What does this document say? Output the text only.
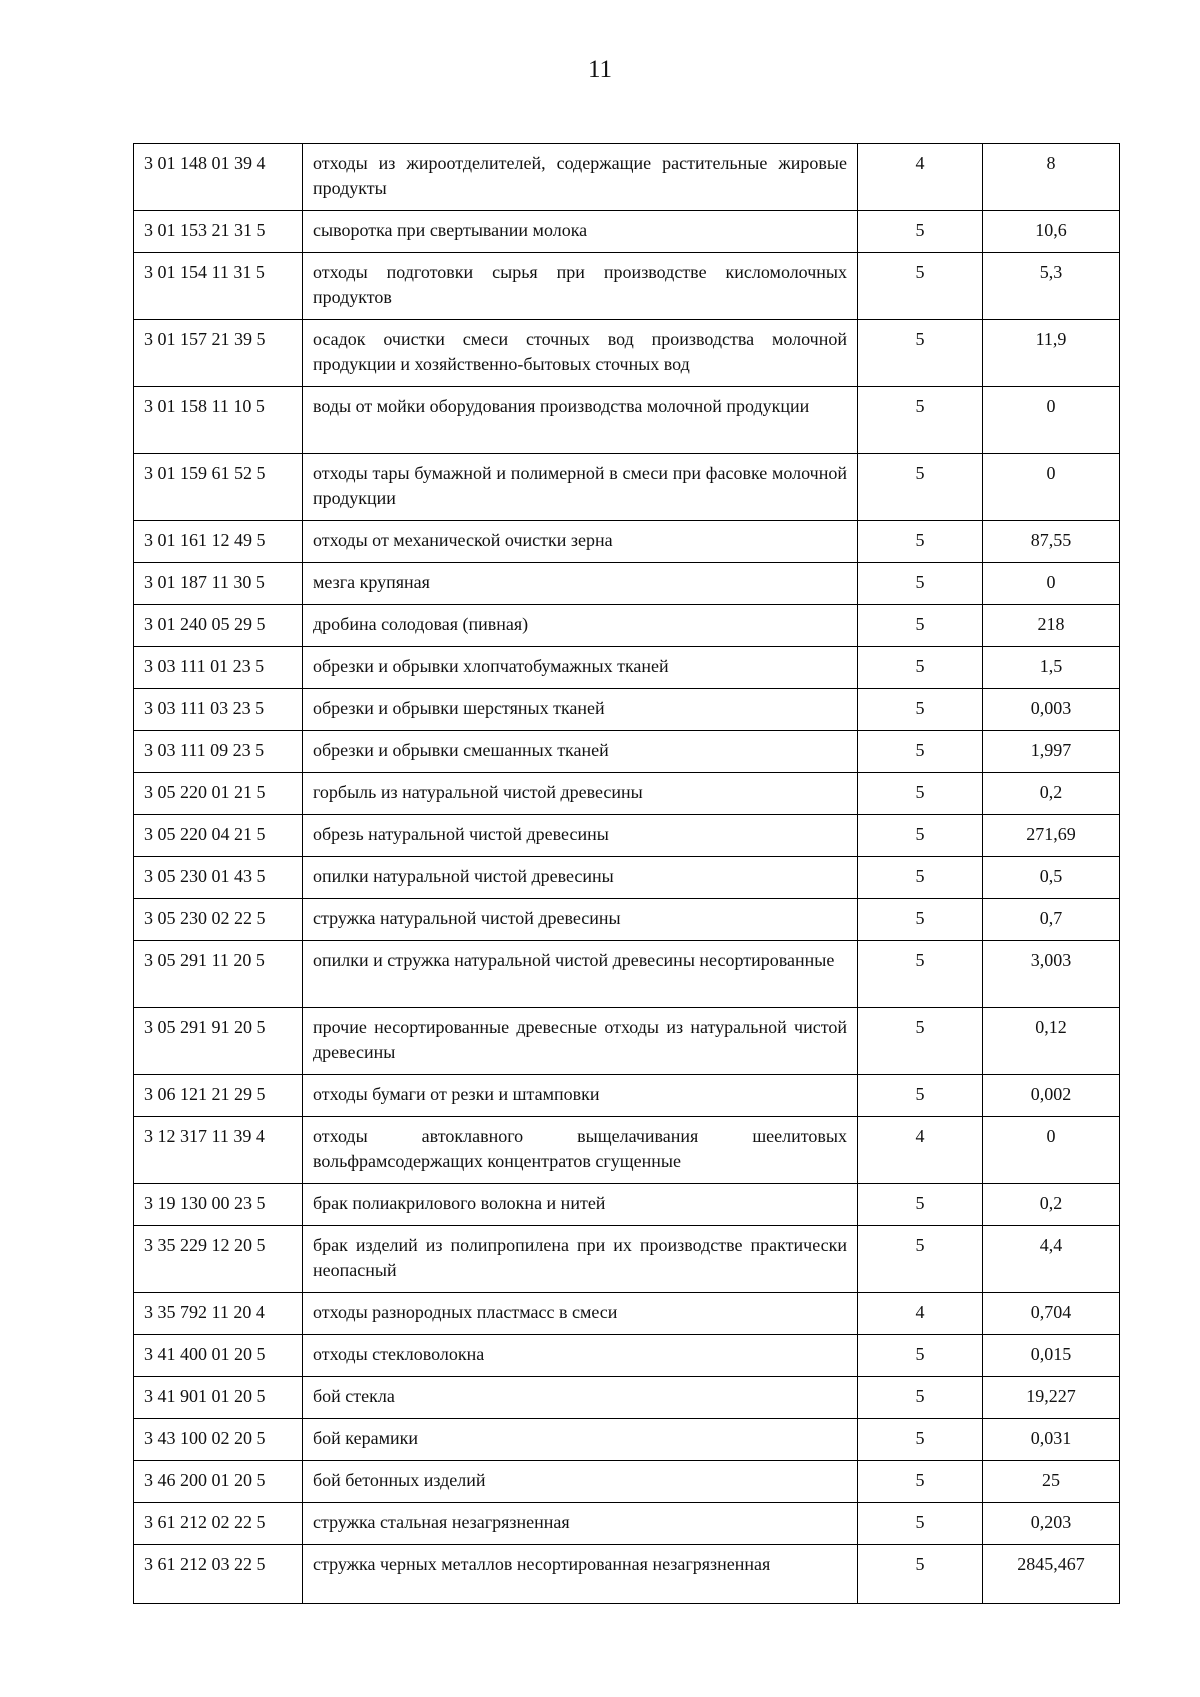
11
3 01 148 01 39 4	отходы из жироотделителей, содержащие растительные жировые продукты	4	8
3 01 153 21 31 5	сыворотка при свертывании молока	5	10,6
3 01 154 11 31 5	отходы подготовки сырья при производстве кисломолочных продуктов	5	5,3
3 01 157 21 39 5	осадок очистки смеси сточных вод производства молочной продукции и хозяйственно-бытовых сточных вод	5	11,9
3 01 158 11 10 5	воды от мойки оборудования производства молочной продукции	5	0
3 01 159 61 52 5	отходы тары бумажной и полимерной в смеси при фасовке молочной продукции	5	0
3 01 161 12 49 5	отходы от механической очистки зерна	5	87,55
3 01 187 11 30 5	мезга крупяная	5	0
3 01 240 05 29 5	дробина солодовая (пивная)	5	218
3 03 111 01 23 5	обрезки и обрывки хлопчатобумажных тканей	5	1,5
3 03 111 03 23 5	обрезки и обрывки шерстяных тканей	5	0,003
3 03 111 09 23 5	обрезки и обрывки смешанных тканей	5	1,997
3 05 220 01 21 5	горбыль из натуральной чистой древесины	5	0,2
3 05 220 04 21 5	обрезь натуральной чистой древесины	5	271,69
3 05 230 01 43 5	опилки натуральной чистой древесины	5	0,5
3 05 230 02 22 5	стружка натуральной чистой древесины	5	0,7
3 05 291 11 20 5	опилки и стружка натуральной чистой древесины несортированные	5	3,003
3 05 291 91 20 5	прочие несортированные древесные отходы из натуральной чистой древесины	5	0,12
3 06 121 21 29 5	отходы бумаги от резки и штамповки	5	0,002
3 12 317 11 39 4	отходы автоклавного выщелачивания шеелитовых вольфрамсодержащих концентратов сгущенные	4	0
3 19 130 00 23 5	брак полиакрилового волокна и нитей	5	0,2
3 35 229 12 20 5	брак изделий из полипропилена при их производстве практически неопасный	5	4,4
3 35 792 11 20 4	отходы разнородных пластмасс в смеси	4	0,704
3 41 400 01 20 5	отходы стекловолокна	5	0,015
3 41 901 01 20 5	бой стекла	5	19,227
3 43 100 02 20 5	бой керамики	5	0,031
3 46 200 01 20 5	бой бетонных изделий	5	25
3 61 212 02 22 5	стружка стальная незагрязненная	5	0,203
3 61 212 03 22 5	стружка черных металлов несортированная незагрязненная	5	2845,467
